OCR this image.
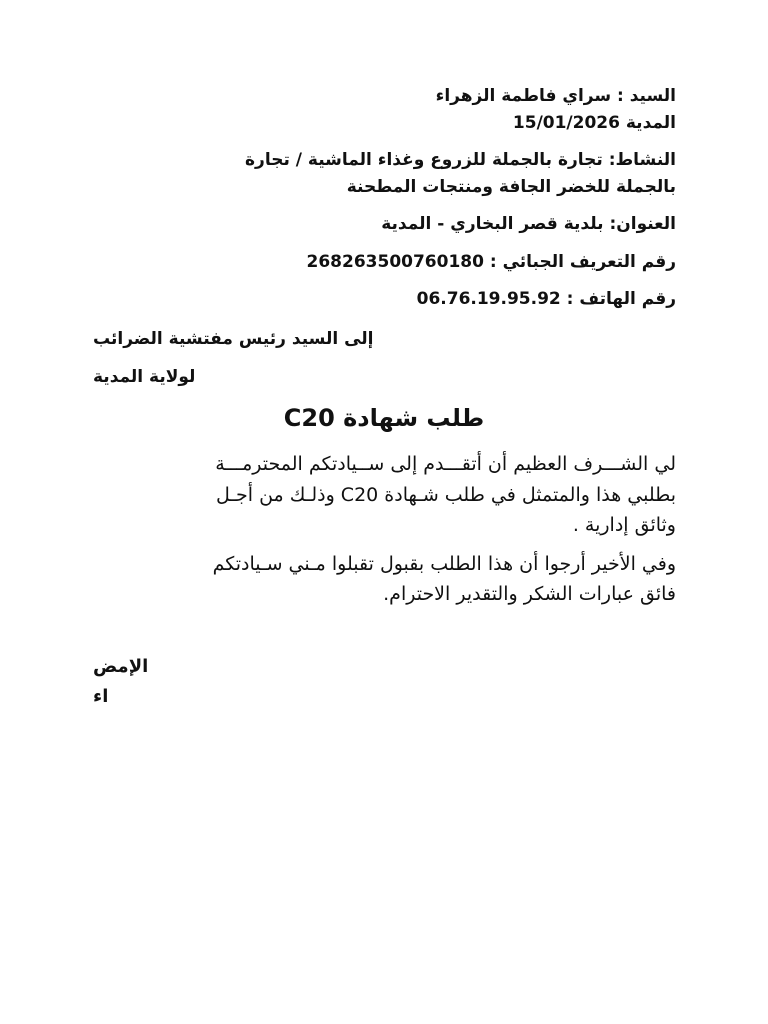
السيد : سراي فاطمة الزهراء
المدية 15/01/2026
النشاط: تجارة بالجملة للزروع وغذاء الماشية / تجارة
بالجملة للخضر الجافة ومنتجات المطحنة
العنوان: بلدية قصر البخاري - المدية
رقم التعريف الجبائي : 268263500760180
رقم الهاتف : 06.76.19.95.92
إلى السيد رئيس مفتشية الضرائب
لولاية المدية
طلب شهادة C20
لي الشـــرف العظيم أن أتقـــدم إلى ســيادتكم المحترمـــة
بطلبي هذا والمتمثل في طلب شـهادة C20 وذلـك من أجـل
وثائق إدارية .
وفي الأخير أرجوا أن هذا الطلب بقبول تقبلوا مـني سـيادتكم
فائق عبارات الشكر والتقدير الاحترام.
الإمض
اء
